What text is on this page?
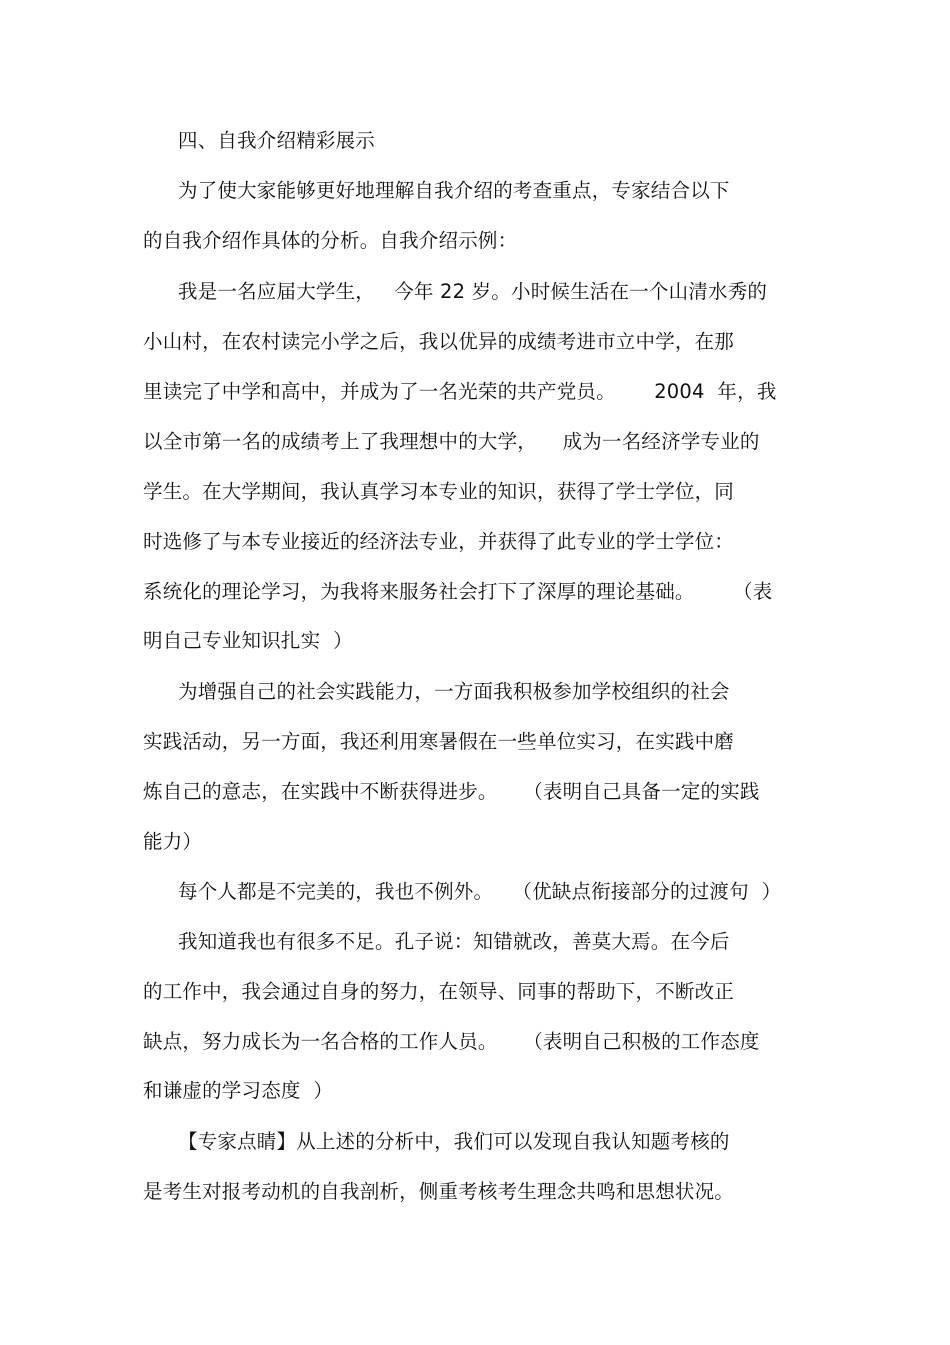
四、自我介绍精彩展示
为了使大家能够更好地理解自我介绍的考查重点，专家结合以下
的自我介绍作具体的分析。自我介绍示例：
我是一名应届大学生，   今年 22 岁。小时候生活在一个山清水秀的
小山村，在农村读完小学之后，我以优异的成绩考进市立中学，在那
里读完了中学和高中，并成为了一名光荣的共产党员。      2004  年，我
以全市第一名的成绩考上了我理想中的大学，    成为一名经济学专业的
学生。在大学期间，我认真学习本专业的知识，获得了学士学位，同
时选修了与本专业接近的经济法专业，并获得了此专业的学士学位：
系统化的理论学习，为我将来服务社会打下了深厚的理论基础。      （表
明自己专业知识扎实  ）
为增强自己的社会实践能力，一方面我积极参加学校组织的社会
实践活动，另一方面，我还利用寒暑假在一些单位实习，在实践中磨
炼自己的意志，在实践中不断获得进步。    （表明自己具备一定的实践
能力）
每个人都是不完美的，我也不例外。   （优缺点衔接部分的过渡句  ）
我知道我也有很多不足。孔子说：知错就改，善莫大焉。在今后
的工作中，我会通过自身的努力，在领导、同事的帮助下，不断改正
缺点，努力成长为一名合格的工作人员。    （表明自己积极的工作态度
和谦虚的学习态度  ）
【专家点睛】从上述的分析中，我们可以发现自我认知题考核的
是考生对报考动机的自我剖析，侧重考核考生理念共鸣和思想状况。
